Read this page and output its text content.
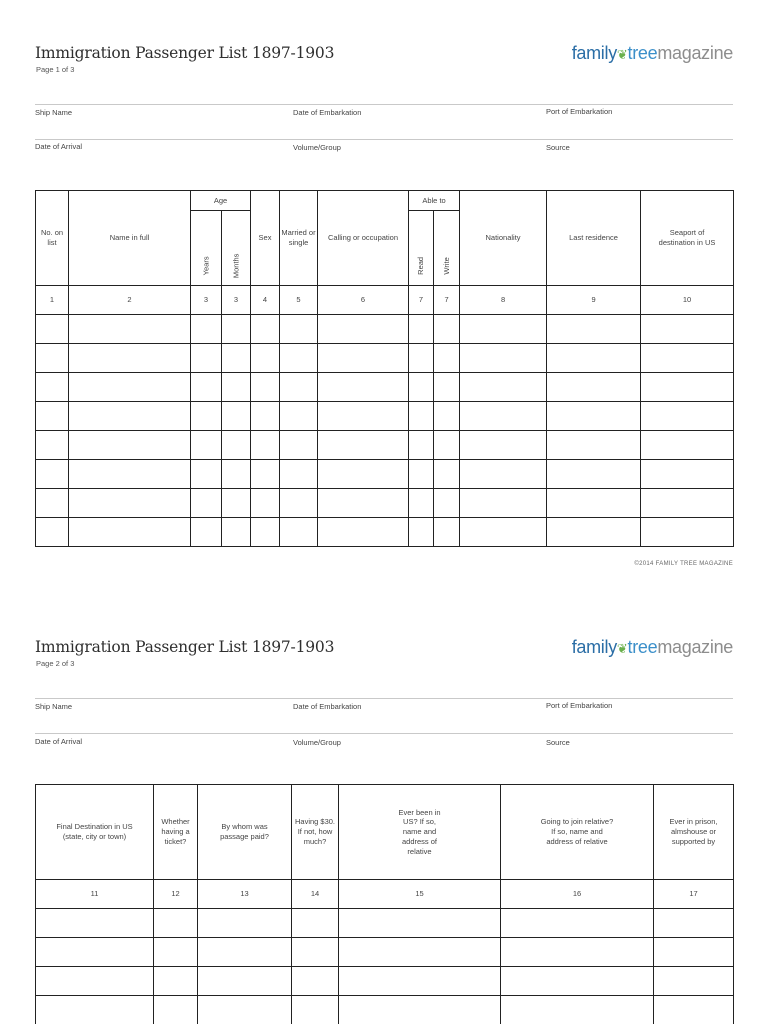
Immigration Passenger List 1897-1903
Page 1 of 3
family❦treemagazine
Ship Name	Date of Embarkation	Port of Embarkation
Date of Arrival	Volume/Group	Source
No. on list	Name in full	Age		Sex	Married or single	Calling or occupation	Able to		Nationality	Last residence	Seaport of destination in US
		Years	Months				Read	Write			
1	2	3	3	4	5	6	7	7	8	9	10

©2014 FAMILY TREE MAGAZINE
Immigration Passenger List 1897-1903
Page 2 of 3
family❦treemagazine
Ship Name	Date of Embarkation	Port of Embarkation
Date of Arrival	Volume/Group	Source
Final Destination in US (state, city or town)	Whether having a ticket?	By whom was passage paid?	Having $30. If not, how much?	Ever been in US? If so, name and address of relative	Going to join relative? If so, name and address of relative	Ever in prison, almshouse or supported by
11	12	13	14	15	16	17
